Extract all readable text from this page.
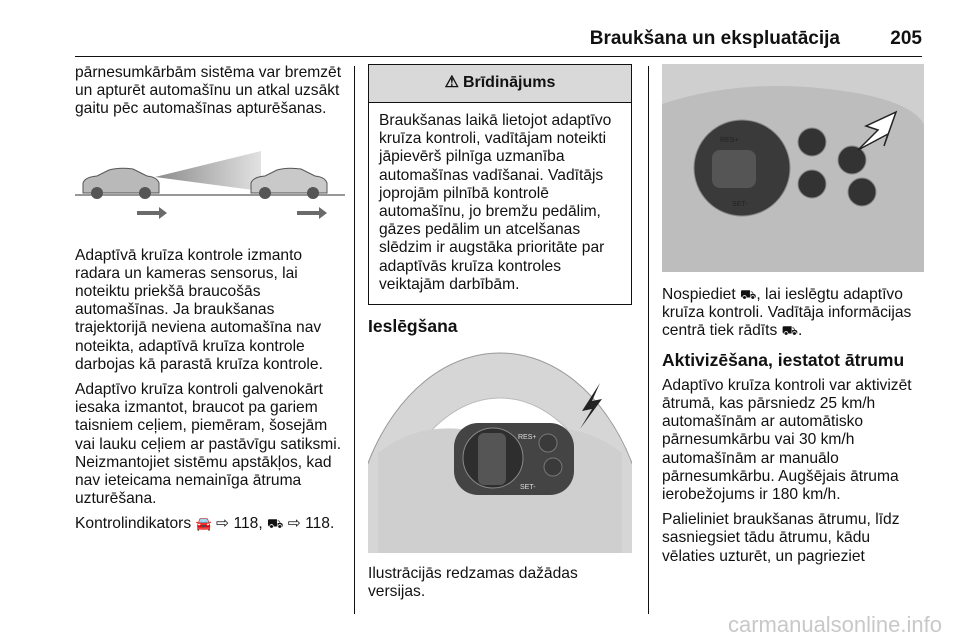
Braukšana un ekspluatācija	205

pārnesumkārbām sistēma var bremzēt un apturēt automašīnu un atkal uzsākt gaitu pēc automašīnas apturēšanas.

Adaptīvā kruīza kontrole izmanto radara un kameras sensorus, lai noteiktu priekšā braucošās automašīnas. Ja braukšanas trajektorijā neviena automašīna nav noteikta, adaptīvā kruīza kontrole darbojas kā parastā kruīza kontrole.

Adaptīvo kruīza kontroli galvenokārt iesaka izmantot, braucot pa gariem taisniem ceļiem, piemēram, šosejām vai lauku ceļiem ar pastāvīgu satiksmi. Neizmantojiet sistēmu apstākļos, kad nav ieteicama nemainīga ātruma uzturēšana.

Kontrolindikators 🚘 ⇨ 118, ⛟ ⇨ 118.

⚠ Brīdinājums
Braukšanas laikā lietojot adaptīvo kruīza kontroli, vadītājam noteikti jāpievērš pilnīga uzmanība automašīnas vadīšanai. Vadītājs joprojām pilnībā kontrolē automašīnu, jo bremžu pedālim, gāzes pedālim un atcelšanas slēdzim ir augstāka prioritāte par adaptīvās kruīza kontroles veiktajām darbībām.
Ieslēgšana
RES+
SET-

Ilustrācijās redzamas dažādas versijas.

RES+
SET-

Nospiediet ⛟, lai ieslēgtu adaptīvo kruīza kontroli. Vadītāja informācijas centrā tiek rādīts ⛟.

Aktivizēšana, iestatot ātrumu

Adaptīvo kruīza kontroli var aktivizēt ātrumā, kas pārsniedz 25 km/h automašīnām ar automātisko pārnesumkārbu vai 30 km/h automašīnām ar manuālo pārnesumkārbu. Augšējais ātruma ierobežojums ir 180 km/h.

Palieliniet braukšanas ātrumu, līdz sasniegsiet tādu ātrumu, kādu vēlaties uzturēt, un pagrieziet

carmanualsonline.info
